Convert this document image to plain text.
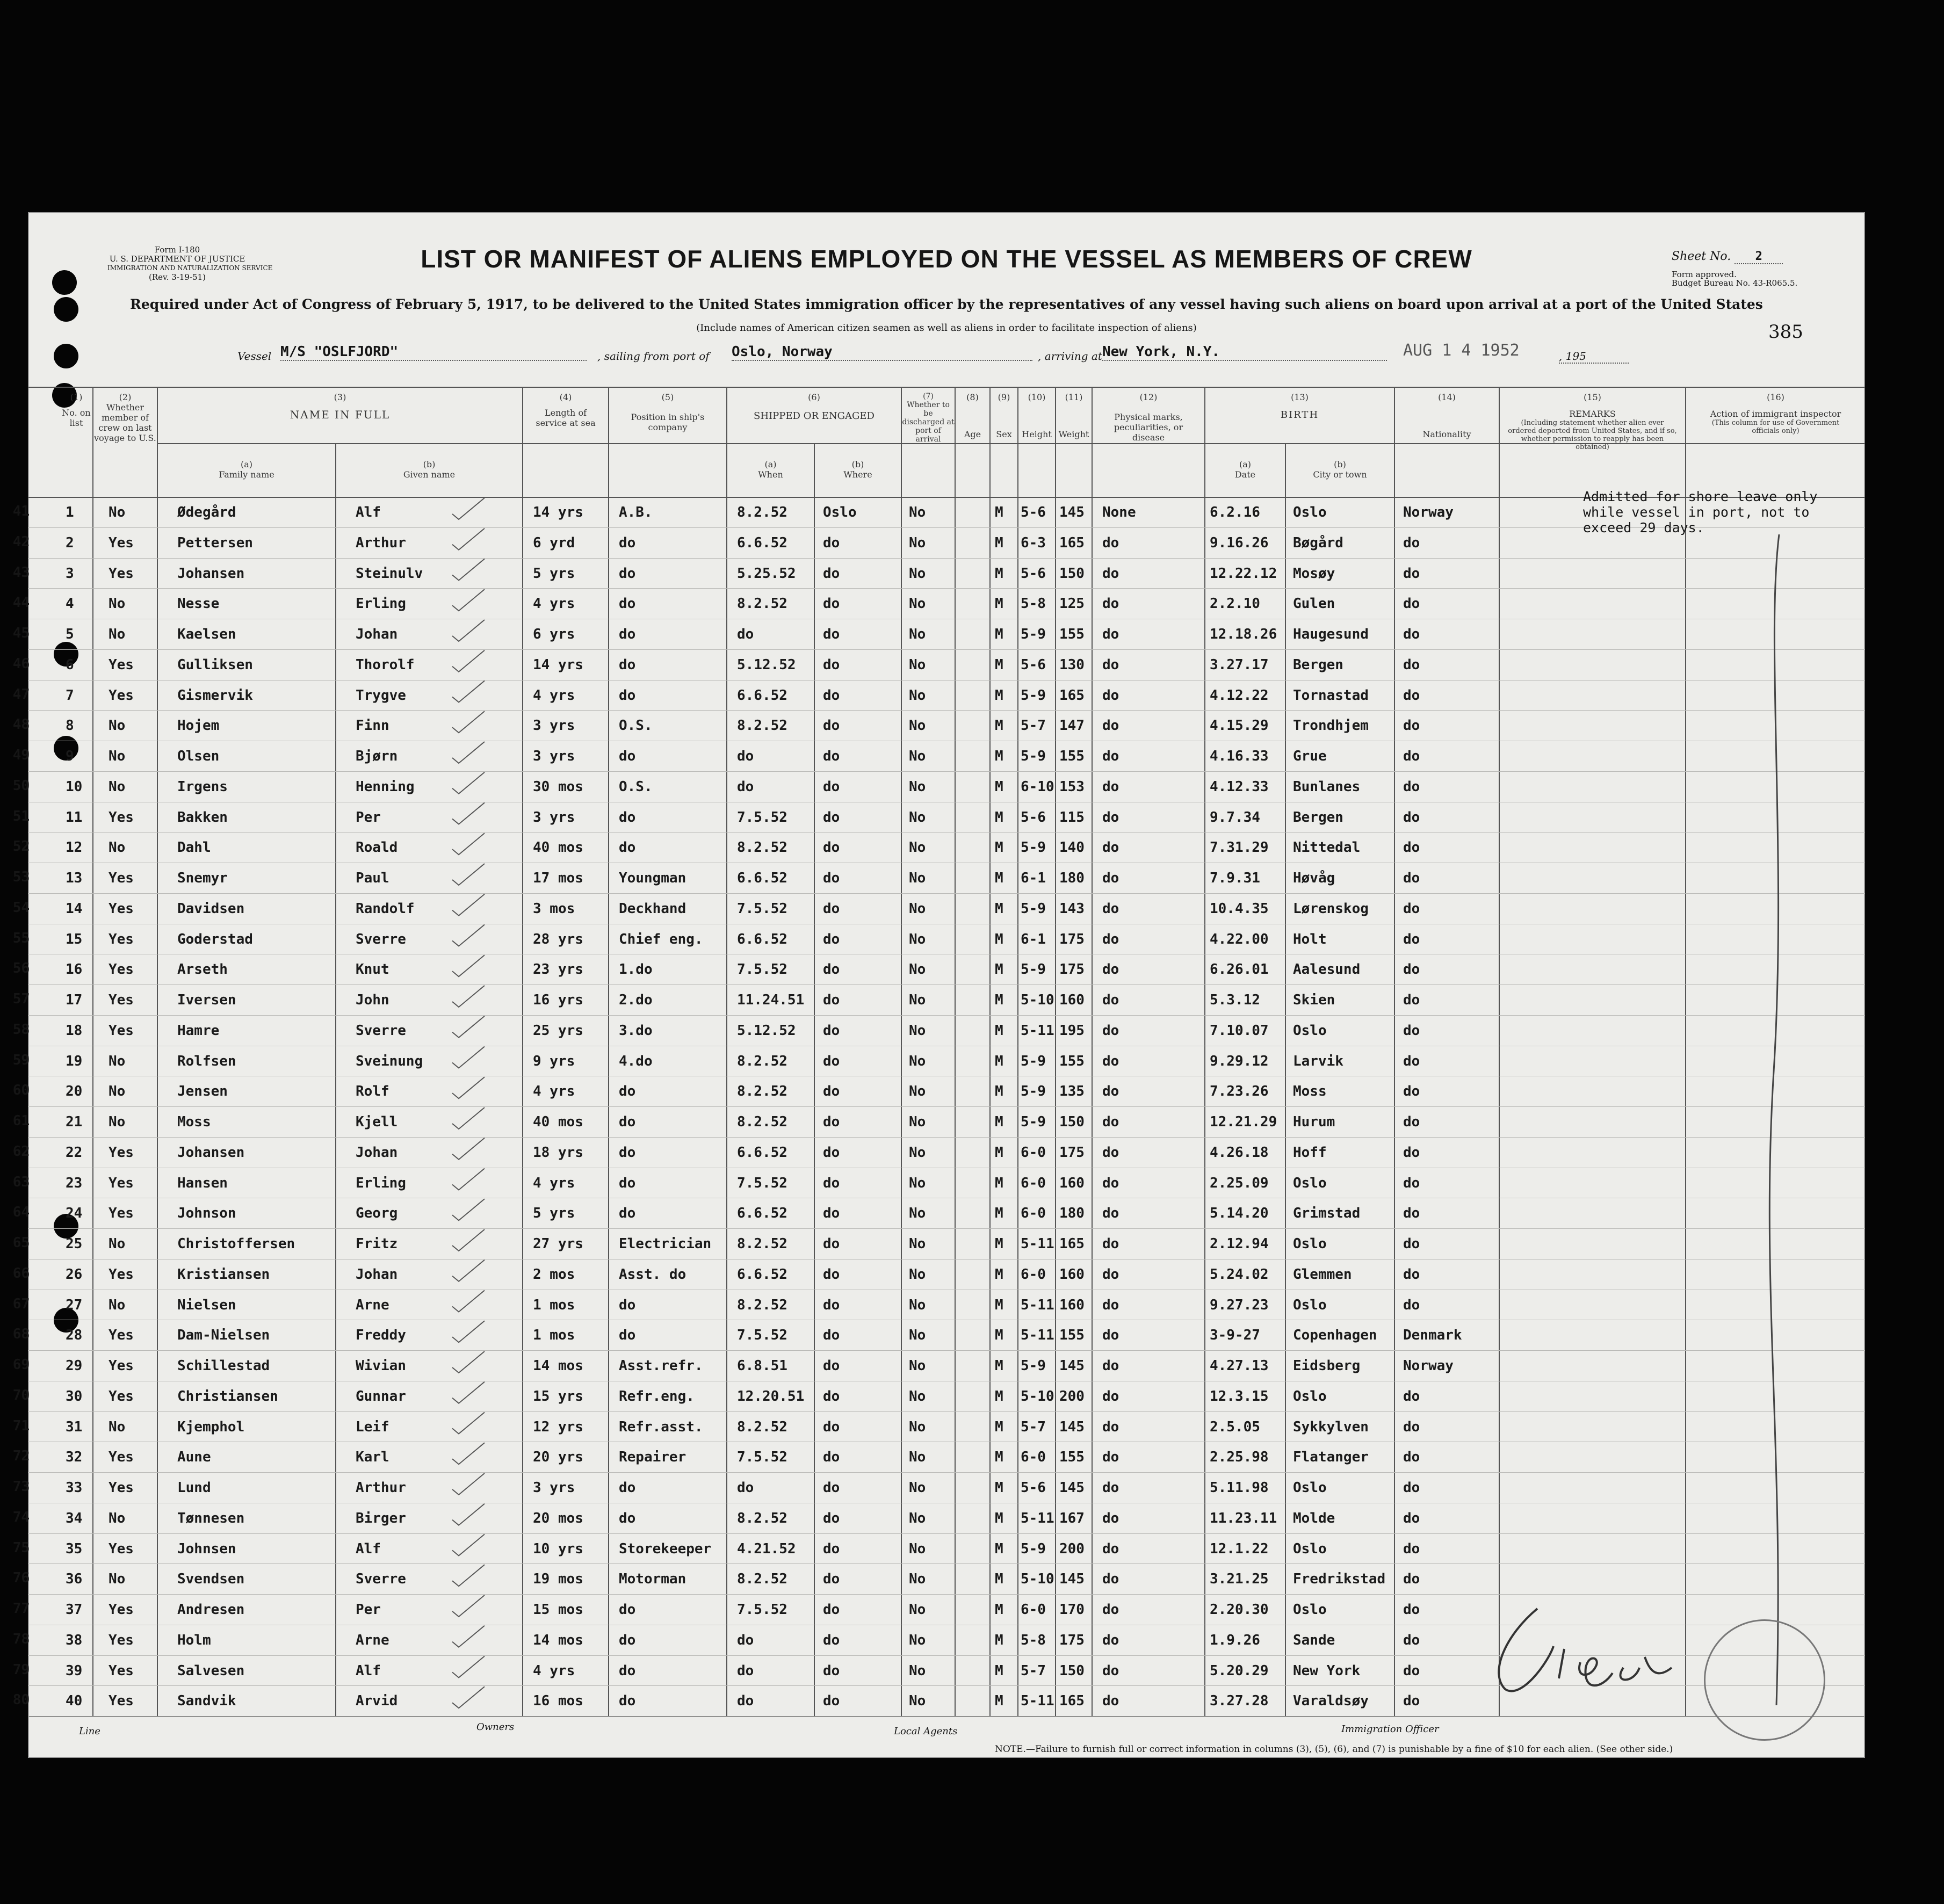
Form I-180
U. S. DEPARTMENT OF JUSTICE
IMMIGRATION AND NATURALIZATION SERVICE
(Rev. 3-19-51)
LIST OR MANIFEST OF ALIENS EMPLOYED ON THE VESSEL AS MEMBERS OF CREW	Sheet No. 2
Form approved.
Budget Bureau No. 43-R065.5.
Required under Act of Congress of February 5, 1917, to be delivered to the United States immigration officer by the representatives of any vessel having such aliens on board upon arrival at a port of the United States
(Include names of American citizen seamen as well as aliens in order to facilitate inspection of aliens)	385
Vessel M/S "OSLFJORD"	, sailing from port of Oslo, Norway	, arriving at New York, N.Y.	AUG 1 4 1952	, 195
(1)
No. on list
(2)
Whether member of crew on last voyage to U.S.
(3)
NAME IN FULL
(a)
Family name
(b)
Given name
(4)
Length of service at sea
(5)
Position in ship's company
(6)
SHIPPED OR ENGAGED
(a)
When
(b)
Where
(7)
Whether to be discharged at port of arrival
(8)
Age
(9)
Sex
(10)
Height
(11)
Weight
(12)
Physical marks, peculiarities, or disease
(13)
BIRTH
(a)
Date
(b)
City or town
(14)
Nationality
(15)
REMARKS
(Including statement whether alien ever ordered deported from United States, and if so, whether permission to reapply has been obtained)
(16)
Action of immigrant inspector
(This column for use of Government officials only)
41	1 No	Ødegård	Alf	14 yrs	A.B.	8.2.52	Oslo	No	M 5-6 145 None	6.2.16 Oslo	Norway
42	2 Yes	Pettersen	Arthur	6 yrd	do	6.6.52	do	No	M 6-3 165 do	9.16.26 Bøgård	do
43	3 Yes	Johansen	Steinulv	5 yrs	do	5.25.52 do	No	M 5-6 150 do	12.22.12 Mosøy	do
44	4 No	Nesse	Erling	4 yrs	do	8.2.52	do	No	M 5-8 125 do	2.2.10 Gulen	do
45	5 No	Kaelsen	Johan	6 yrs	do	do	do	No	M 5-9 155 do	12.18.26 Haugesund do
46	6 Yes	Gulliksen	Thorolf	14 yrs	do	5.12.52 do	No	M 5-6 130 do	3.27.17 Bergen	do
47	7 Yes	Gismervik	Trygve	4 yrs	do	6.6.52	do	No	M 5-9 165 do	4.12.22 Tornastad do
48	8 No	Hojem	Finn	3 yrs	O.S.	8.2.52	do	No	M 5-7 147 do	4.15.29 Trondhjem do
49	9 No	Olsen	Bjørn	3 yrs	do	do	do	No	M 5-9 155 do	4.16.33 Grue	do
50	10 No	Irgens	Henning	30 mos	O.S.	do	do	No	M 6-10 153 do	4.12.33 Bunlanes	do
51	11 Yes	Bakken	Per	3 yrs	do	7.5.52	do	No	M 5-6 115 do	9.7.34 Bergen	do
52	12 No	Dahl	Roald	40 mos	do	8.2.52	do	No	M 5-9 140 do	7.31.29 Nittedal	do
53	13 Yes	Snemyr	Paul	17 mos	Youngman	6.6.52	do	No	M 6-1 180 do	7.9.31 Høvåg	do
54	14 Yes	Davidsen	Randolf	3 mos	Deckhand	7.5.52	do	No	M 5-9 143 do	10.4.35 Lørenskog do
55	15 Yes	Goderstad	Sverre	28 yrs	Chief eng. 6.6.52	do	No	M 6-1 175 do	4.22.00 Holt	do
56	16 Yes	Arseth	Knut	23 yrs	1.do	7.5.52	do	No	M 5-9 175 do	6.26.01 Aalesund	do
57	17 Yes	Iversen	John	16 yrs	2.do	11.24.51 do	No	M 5-10 160 do	5.3.12 Skien	do
58	18 Yes	Hamre	Sverre	25 yrs	3.do	5.12.52 do	No	M 5-11 195 do	7.10.07 Oslo	do
59	19 No	Rolfsen	Sveinung	9 yrs	4.do	8.2.52	do	No	M 5-9 155 do	9.29.12 Larvik	do
60	20 No	Jensen	Rolf	4 yrs	do	8.2.52	do	No	M 5-9 135 do	7.23.26 Moss	do
61	21 No	Moss	Kjell	40 mos	do	8.2.52	do	No	M 5-9 150 do	12.21.29 Hurum	do
62	22 Yes	Johansen	Johan	18 yrs	do	6.6.52	do	No	M 6-0 175 do	4.26.18 Hoff	do
63	23 Yes	Hansen	Erling	4 yrs	do	7.5.52	do	No	M 6-0 160 do	2.25.09 Oslo	do
64	24 Yes	Johnson	Georg	5 yrs	do	6.6.52	do	No	M 6-0 180 do	5.14.20 Grimstad	do
65	25 No	Christoffersen	Fritz	27 yrs	Electrician 8.2.52	do	No	M 5-11 165 do	2.12.94 Oslo	do
66	26 Yes	Kristiansen	Johan	2 mos	Asst. do	6.6.52	do	No	M 6-0 160 do	5.24.02 Glemmen	do
67	27 No	Nielsen	Arne	1 mos	do	8.2.52	do	No	M 5-11 160 do	9.27.23 Oslo	do
68	28 Yes	Dam-Nielsen	Freddy	1 mos	do	7.5.52	do	No	M 5-11 155 do	3-9-27 Copenhagen Denmark
69	29 Yes	Schillestad	Wivian	14 mos	Asst.refr. 6.8.51	do	No	M 5-9 145 do	4.27.13 Eidsberg	Norway
70	30 Yes	Christiansen	Gunnar	15 yrs	Refr.eng.	12.20.51 do	No	M 5-10 200 do	12.3.15 Oslo	do
71	31 No	Kjemphol	Leif	12 yrs	Refr.asst. 8.2.52	do	No	M 5-7 145 do	2.5.05 Sykkylven do
72	32 Yes	Aune	Karl	20 yrs	Repairer	7.5.52	do	No	M 6-0 155 do	2.25.98 Flatanger do
73	33 Yes	Lund	Arthur	3 yrs	do	do	do	No	M 5-6 145 do	5.11.98 Oslo	do
74	34 No	Tønnesen	Birger	20 mos	do	8.2.52	do	No	M 5-11 167 do	11.23.11 Molde	do
75	35 Yes	Johnsen	Alf	10 yrs	Storekeeper 4.21.52 do	No	M 5-9 200 do	12.1.22 Oslo	do
76	36 No	Svendsen	Sverre	19 mos	Motorman	8.2.52	do	No	M 5-10 145 do	3.21.25 Fredrikstad do
77	37 Yes	Andresen	Per	15 mos	do	7.5.52	do	No	M 6-0 170 do	2.20.30 Oslo	do
78	38 Yes	Holm	Arne	14 mos	do	do	do	No	M 5-8 175 do	1.9.26 Sande	do
79	39 Yes	Salvesen	Alf	4 yrs	do	do	do	No	M 5-7 150 do	5.20.29 New York	do
80	40 Yes	Sandvik	Arvid	16 mos	do	do	do	No	M 5-11 165 do	3.27.28 Varaldsøy do
Admitted for shore leave only
while vessel in port, not to
exceed 29 days.
Line	Owners	Local Agents	Immigration Officer
NOTE.—Failure to furnish full or correct information in columns (3), (5), (6), and (7) is punishable by a fine of $10 for each alien. (See other side.)
